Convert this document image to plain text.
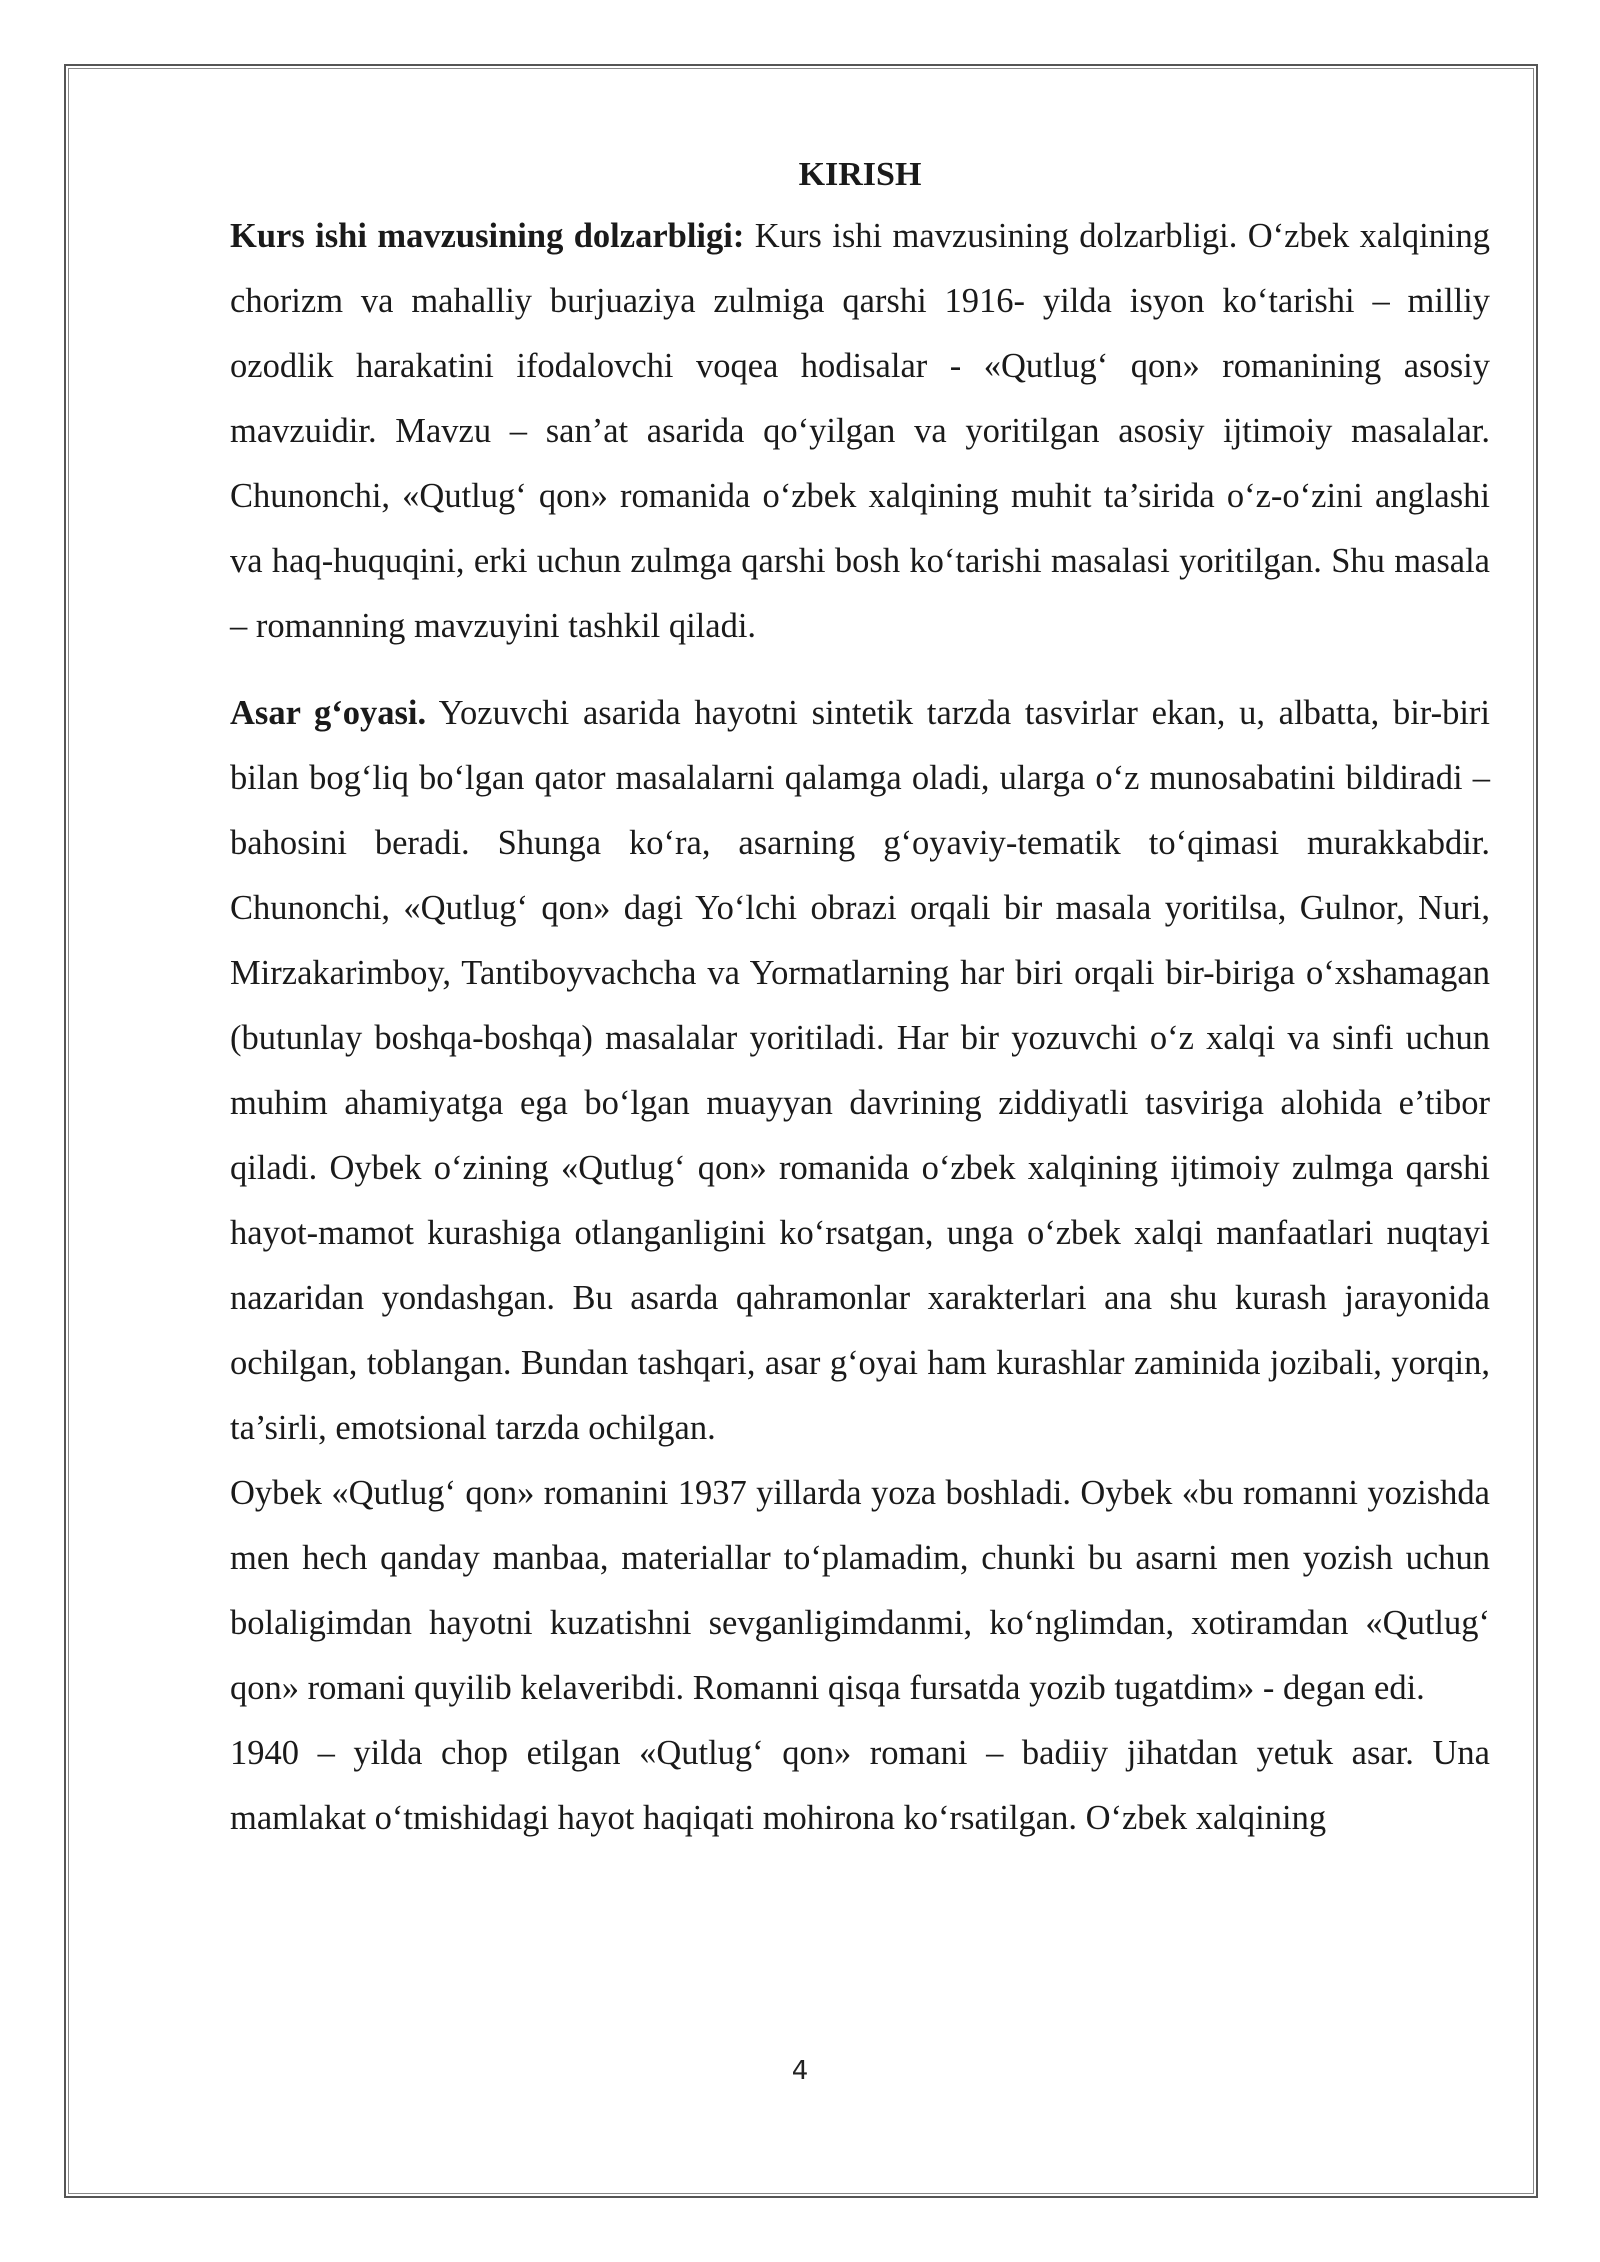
KIRISH

Kurs ishi mavzusining dolzarbligi: Kurs ishi mavzusining dolzarbligi. O‘zbek xalqining chorizm va mahalliy burjuaziya zulmiga qarshi 1916- yilda isyon ko‘tarishi – milliy ozodlik harakatini ifodalovchi voqea hodisalar - «Qutlug‘ qon» romanining asosiy mavzuidir. Mavzu – san’at asarida qo‘yilgan va yoritilgan asosiy ijtimoiy masalalar. Chunonchi, «Qutlug‘ qon» romanida o‘zbek xalqining muhit ta’sirida o‘z-o‘zini anglashi va haq-huquqini, erki uchun zulmga qarshi bosh ko‘tarishi masalasi yoritilgan. Shu masala – romanning mavzuyini tashkil qiladi.

Asar g‘oyasi. Yozuvchi asarida hayotni sintetik tarzda tasvirlar ekan, u, albatta, bir-biri bilan bog‘liq bo‘lgan qator masalalarni qalamga oladi, ularga o‘z munosabatini bildiradi – bahosini beradi. Shunga ko‘ra, asarning g‘oyaviy-tematik to‘qimasi murakkabdir. Chunonchi, «Qutlug‘ qon» dagi Yo‘lchi obrazi orqali bir masala yoritilsa, Gulnor, Nuri, Mirzakarimboy, Tantiboyvachcha va Yormatlarning har biri orqali bir-biriga o‘xshamagan (butunlay boshqa-boshqa) masalalar yoritiladi. Har bir yozuvchi o‘z xalqi va sinfi uchun muhim ahamiyatga ega bo‘lgan muayyan davrining ziddiyatli tasviriga alohida e’tibor qiladi. Oybek o‘zining «Qutlug‘ qon» romanida o‘zbek xalqining ijtimoiy zulmga qarshi hayot-mamot kurashiga otlanganligini ko‘rsatgan, unga o‘zbek xalqi manfaatlari nuqtayi nazaridan yondashgan. Bu asarda qahramonlar xarakterlari ana shu kurash jarayonida ochilgan, toblangan. Bundan tashqari, asar g‘oyai ham kurashlar zaminida jozibali, yorqin, ta’sirli, emotsional tarzda ochilgan.

Oybek «Qutlug‘ qon» romanini 1937 yillarda yoza boshladi. Oybek «bu romanni yozishda men hech qanday manbaa, materiallar to‘plamadim, chunki bu asarni men yozish uchun bolaligimdan hayotni kuzatishni sevganligimdanmi, ko‘nglimdan, xotiramdan «Qutlug‘ qon» romani quyilib kelaveribdi. Romanni qisqa fursatda yozib tugatdim» - degan edi.

1940 – yilda chop etilgan «Qutlug‘ qon» romani – badiiy jihatdan yetuk asar. Una mamlakat o‘tmishidagi hayot haqiqati mohirona ko‘rsatilgan. O‘zbek xalqining

4
